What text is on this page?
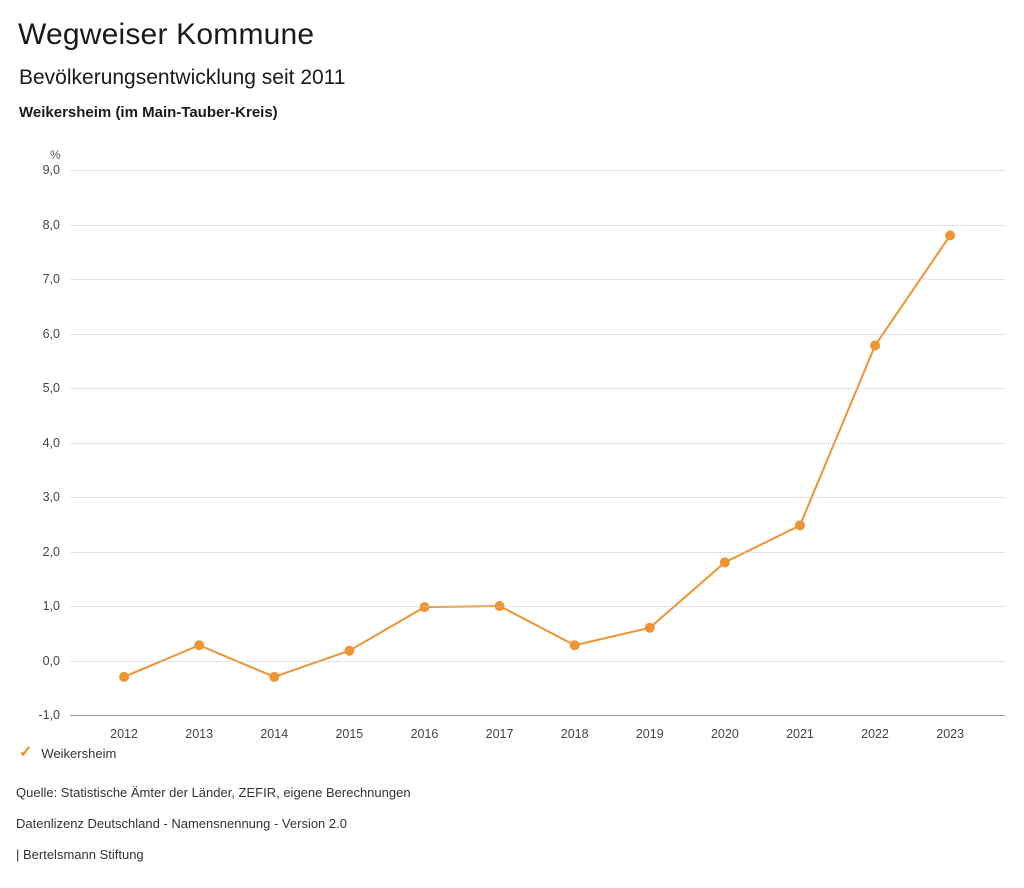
Wegweiser Kommune
Bevölkerungsentwicklung seit 2011
Weikersheim (im Main-Tauber-Kreis)
%
9,0
8,0
7,0
6,0
5,0
4,0
3,0
2,0
1,0
0,0
-1,0
2012	2013	2014	2015	2016	2017	2018	2019	2020	2021	2022	2023
✓ Weikersheim
Quelle: Statistische Ämter der Länder, ZEFIR, eigene Berechnungen
Datenlizenz Deutschland - Namensnennung - Version 2.0
| Bertelsmann Stiftung
